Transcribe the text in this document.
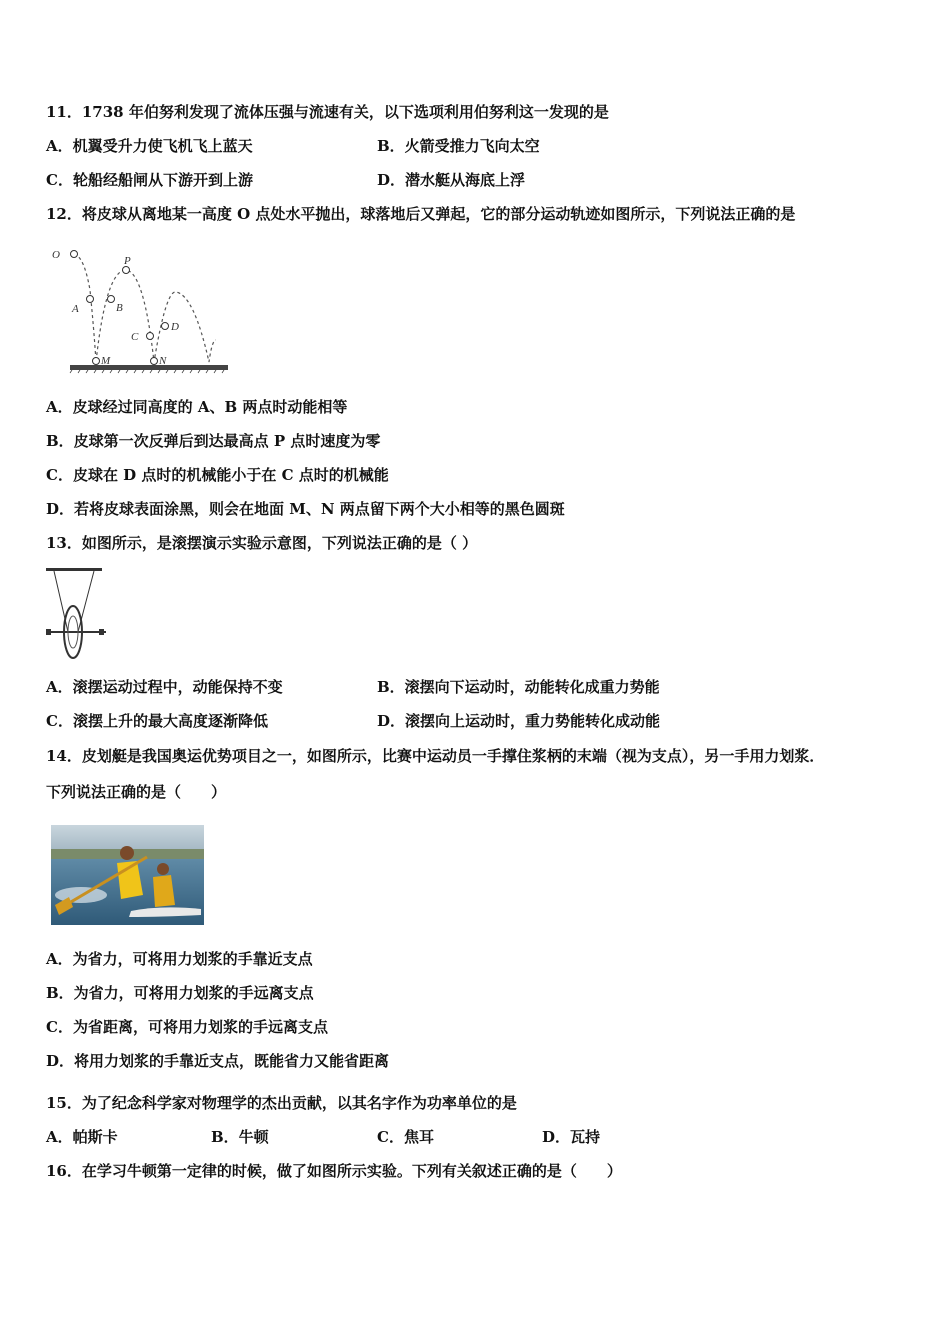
11．1738 年伯努利发现了流体压强与流速有关，以下选项利用伯努利这一发现的是
A．机翼受升力使飞机飞上蓝天	B．火箭受推力飞向太空
C．轮船经船闸从下游开到上游	D．潜水艇从海底上浮
12．将皮球从离地某一高度 O 点处水平抛出，球落地后又弹起，它的部分运动轨迹如图所示，下列说法正确的是
O	P
A	B
C
D
M	N
A．皮球经过同高度的 A、B 两点时动能相等
B．皮球第一次反弹后到达最高点 P 点时速度为零
C．皮球在 D 点时的机械能小于在 C 点时的机械能
D．若将皮球表面涂黑，则会在地面 M、N 两点留下两个大小相等的黑色圆斑
13．如图所示，是滚摆演示实验示意图，下列说法正确的是（ ）
A．滚摆运动过程中，动能保持不变	B．滚摆向下运动时，动能转化成重力势能
C．滚摆上升的最大高度逐渐降低	D．滚摆向上运动时，重力势能转化成动能
14．皮划艇是我国奥运优势项目之一，如图所示，比赛中运动员一手撑住浆柄的末端（视为支点），另一手用力划浆．
下列说法正确的是（　　）
A．为省力，可将用力划浆的手靠近支点
B．为省力，可将用力划浆的手远离支点
C．为省距离，可将用力划浆的手远离支点
D．将用力划浆的手靠近支点，既能省力又能省距离
15．为了纪念科学家对物理学的杰出贡献，以其名字作为功率单位的是
A．帕斯卡	B．牛顿	C．焦耳	D．瓦持
16．在学习牛顿第一定律的时候，做了如图所示实验。下列有关叙述正确的是（　　）
